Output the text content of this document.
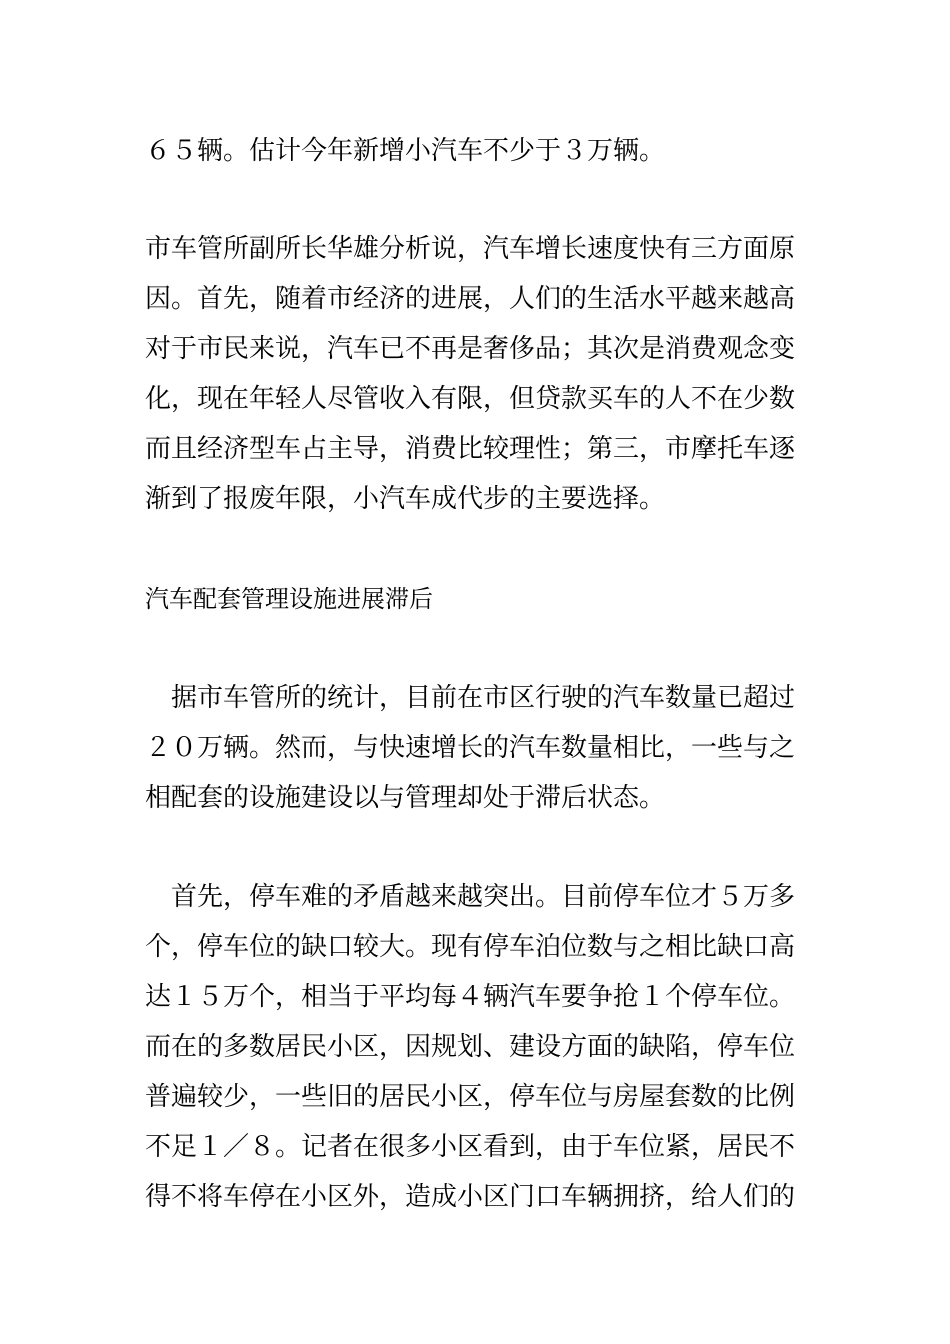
６５辆。估计今年新增小汽车不少于３万辆。
市车管所副所长华雄分析说，汽车增长速度快有三方面原
因。首先，随着市经济的进展，人们的生活水平越来越高
对于市民来说，汽车已不再是奢侈品；其次是消费观念变
化，现在年轻人尽管收入有限，但贷款买车的人不在少数
而且经济型车占主导，消费比较理性；第三，市摩托车逐
渐到了报废年限，小汽车成代步的主要选择。
汽车配套管理设施进展滞后
　据市车管所的统计，目前在市区行驶的汽车数量已超过
２０万辆。然而，与快速增长的汽车数量相比，一些与之
相配套的设施建设以与管理却处于滞后状态。
　首先，停车难的矛盾越来越突出。目前停车位才５万多
个，停车位的缺口较大。现有停车泊位数与之相比缺口高
达１５万个，相当于平均每４辆汽车要争抢１个停车位。
而在的多数居民小区，因规划、建设方面的缺陷，停车位
普遍较少，一些旧的居民小区，停车位与房屋套数的比例
不足１／８。记者在很多小区看到，由于车位紧，居民不
得不将车停在小区外，造成小区门口车辆拥挤，给人们的
